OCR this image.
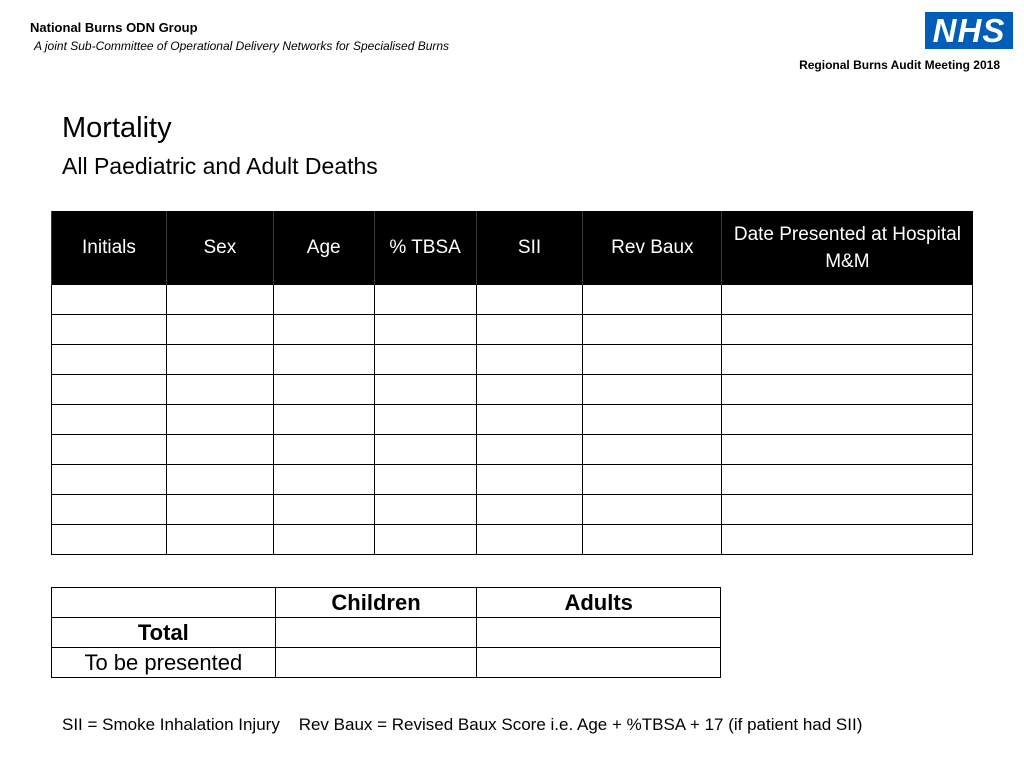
National Burns ODN Group
A joint Sub-Committee of Operational Delivery Networks for Specialised Burns	NHS
Regional Burns Audit Meeting 2018
Mortality
All Paediatric and Adult Deaths
Initials	Sex	Age	% TBSA	SII	Rev Baux	Date Presented at Hospital M&M

	Children	Adults
Total		
To be presented		
SII = Smoke Inhalation Injury    Rev Baux = Revised Baux Score i.e. Age + %TBSA + 17 (if patient had SII)
